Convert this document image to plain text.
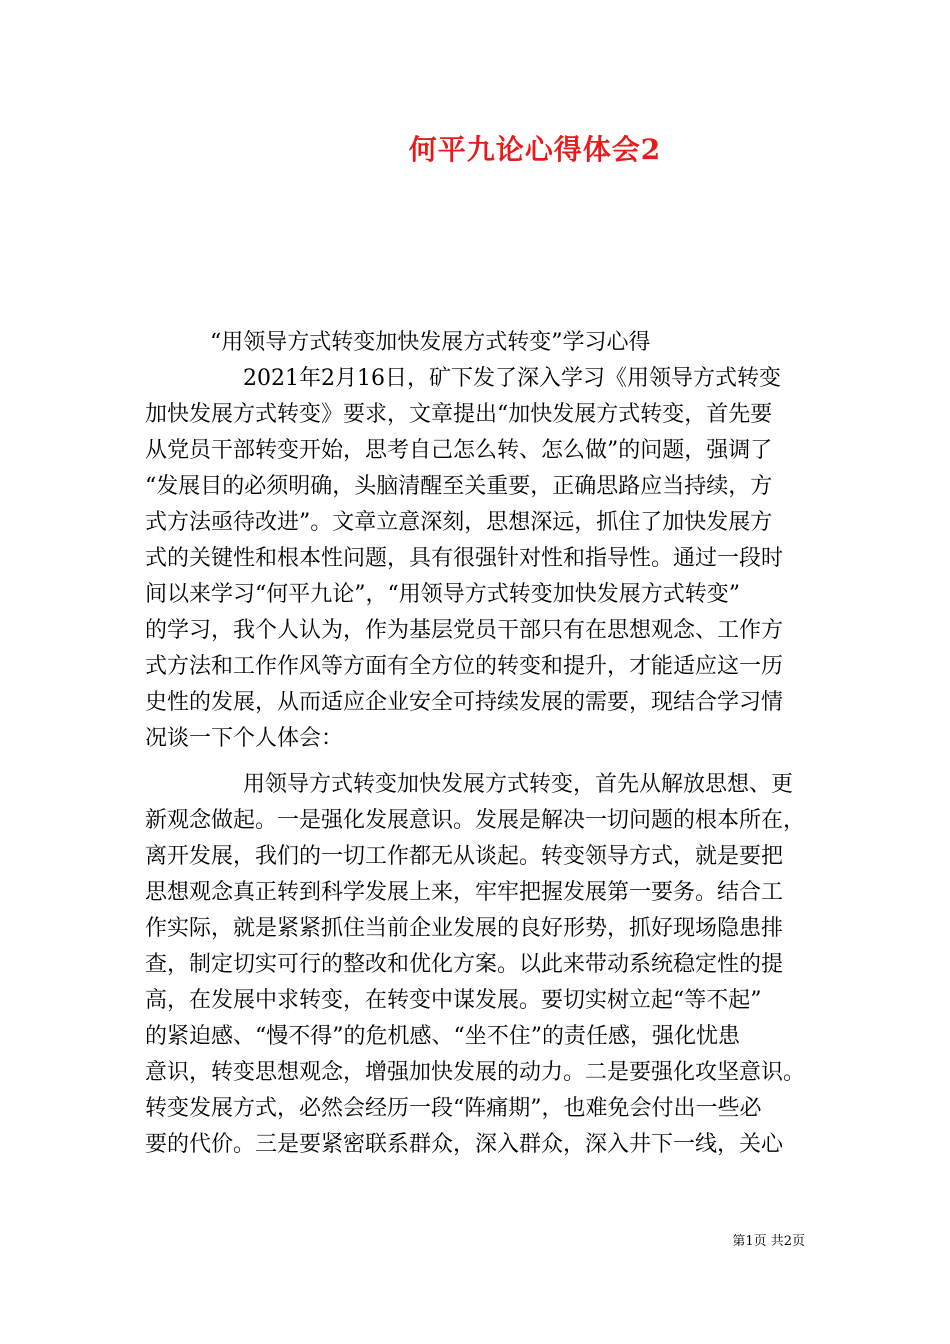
何平九论心得体会2
“用领导方式转变加快发展方式转变”学习心得
2021年2月16日，矿下发了深入学习《用领导方式转变
加快发展方式转变》要求，文章提出“加快发展方式转变，首先要
从党员干部转变开始，思考自己怎么转、怎么做”的问题，强调了
“发展目的必须明确，头脑清醒至关重要，正确思路应当持续，方
式方法亟待改进”。文章立意深刻，思想深远，抓住了加快发展方
式的关键性和根本性问题，具有很强针对性和指导性。通过一段时
间以来学习“何平九论”，“用领导方式转变加快发展方式转变”
的学习，我个人认为，作为基层党员干部只有在思想观念、工作方
式方法和工作作风等方面有全方位的转变和提升，才能适应这一历
史性的发展，从而适应企业安全可持续发展的需要，现结合学习情
况谈一下个人体会：
用领导方式转变加快发展方式转变，首先从解放思想、更
新观念做起。一是强化发展意识。发展是解决一切问题的根本所在，
离开发展，我们的一切工作都无从谈起。转变领导方式，就是要把
思想观念真正转到科学发展上来，牢牢把握发展第一要务。结合工
作实际，就是紧紧抓住当前企业发展的良好形势，抓好现场隐患排
查，制定切实可行的整改和优化方案。以此来带动系统稳定性的提
高，在发展中求转变，在转变中谋发展。要切实树立起“等不起”
的紧迫感、“慢不得”的危机感、“坐不住”的责任感，强化忧患
意识，转变思想观念，增强加快发展的动力。二是要强化攻坚意识。
转变发展方式，必然会经历一段“阵痛期”，也难免会付出一些必
要的代价。三是要紧密联系群众，深入群众，深入井下一线，关心
第1页 共2页
